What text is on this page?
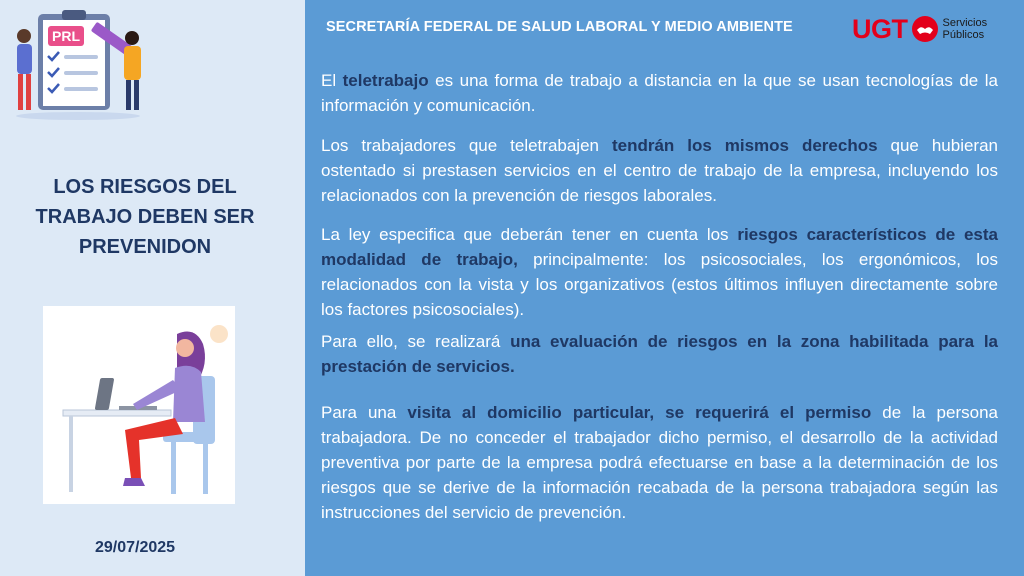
PRL
LOS RIESGOS DEL TRABAJO DEBEN SER PREVENIDON
29/07/2025
SECRETARÍA FEDERAL DE SALUD LABORAL Y MEDIO AMBIENTE UGT	Servicios
Públicos

El teletrabajo es una forma de trabajo a distancia en la que se usan tecnologías de la información y comunicación.

Los trabajadores que teletrabajen tendrán los mismos derechos que hubieran ostentado si prestasen servicios en el centro de trabajo de la empresa, incluyendo los relacionados con la prevención de riesgos laborales.

La ley especifica que deberán tener en cuenta los riesgos característicos de esta modalidad de trabajo, principalmente: los psicosociales, los ergonómicos, los relacionados con la vista y los organizativos (estos últimos influyen directamente sobre los factores psicosociales).

Para ello, se realizará una evaluación de riesgos en la zona habilitada para la prestación de servicios.

Para una visita al domicilio particular, se requerirá el permiso de la persona trabajadora. De no conceder el trabajador dicho permiso, el desarrollo de la actividad preventiva por parte de la empresa podrá efectuarse en base a la determinación de los riesgos que se derive de la información recabada de la persona trabajadora según las instrucciones del servicio de prevención.
